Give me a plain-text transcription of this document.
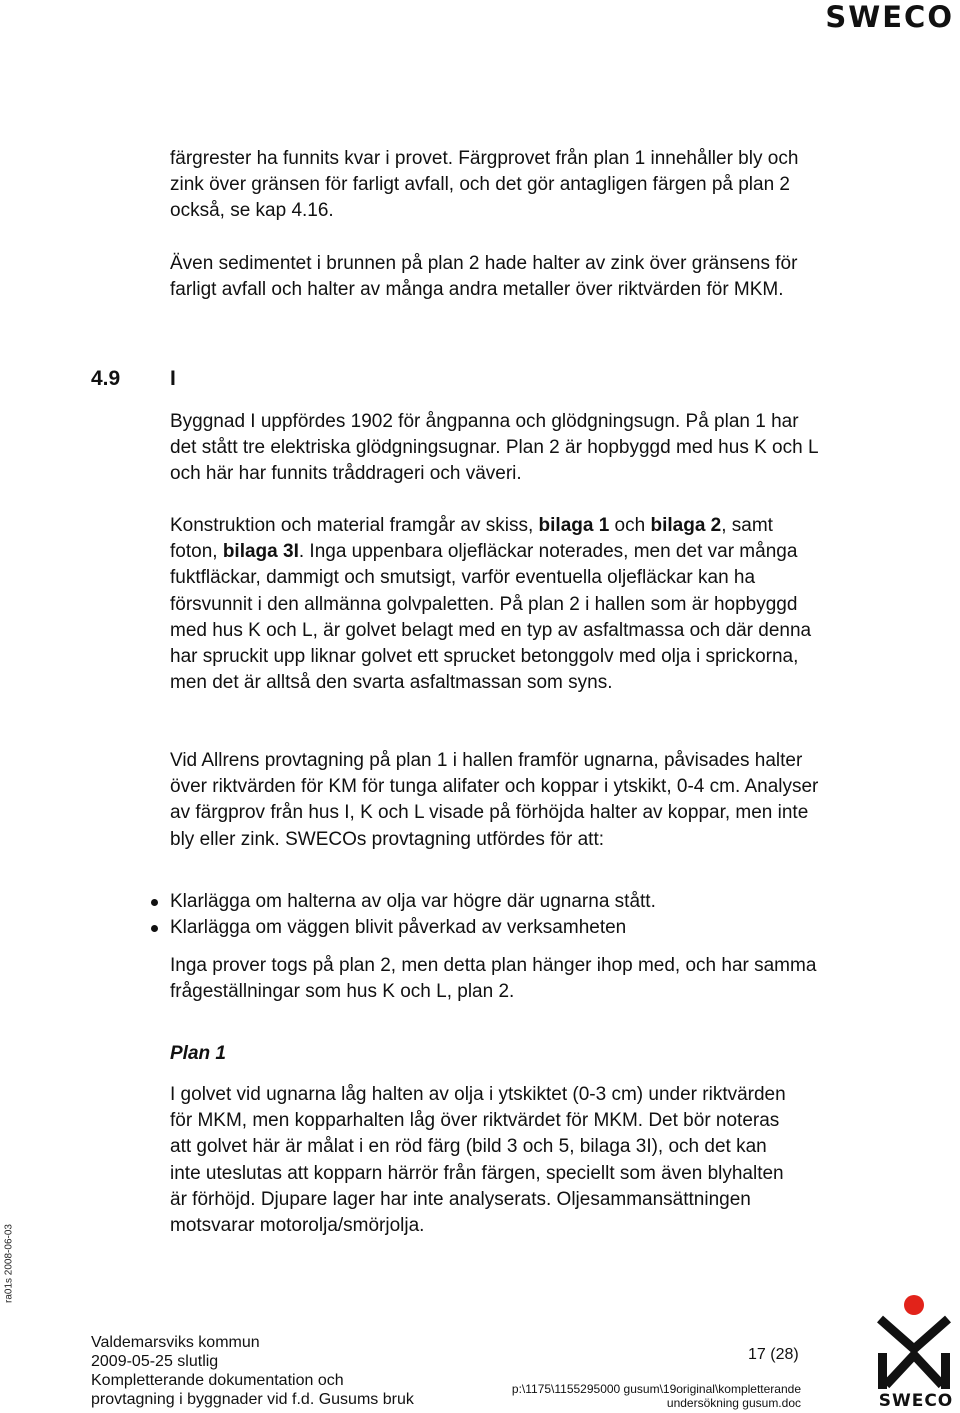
SWECO

färgrester ha funnits kvar i provet. Färgprovet från plan 1 innehåller bly och zink över gränsen för farligt avfall, och det gör antagligen färgen på plan 2 också, se kap 4.16.

Även sedimentet i brunnen på plan 2 hade halter av zink över gränsens för farligt avfall och halter av många andra metaller över riktvärden för MKM.

4.9 I

Byggnad I uppfördes 1902 för ångpanna och glödgningsugn. På plan 1 har det stått tre elektriska glödgningsugnar. Plan 2 är hopbyggd med hus K och L och här har funnits tråddrageri och väveri.

Konstruktion och material framgår av skiss, bilaga 1 och bilaga 2, samt foton, bilaga 3I. Inga uppenbara oljefläckar noterades, men det var många fuktfläckar, dammigt och smutsigt, varför eventuella oljefläckar kan ha försvunnit i den allmänna golvpaletten. På plan 2 i hallen som är hopbyggd med hus K och L, är golvet belagt med en typ av asfaltmassa och där denna har spruckit upp liknar golvet ett sprucket betonggolv med olja i sprickorna, men det är alltså den svarta asfaltmassan som syns.

Vid Allrens provtagning på plan 1 i hallen framför ugnarna, påvisades halter över riktvärden för KM för tunga alifater och koppar i ytskikt, 0-4 cm. Analyser av färgprov från hus I, K och L visade på förhöjda halter av koppar, men inte bly eller zink. SWECOs provtagning utfördes för att:

Klarlägga om halterna av olja var högre där ugnarna stått.
Klarlägga om väggen blivit påverkad av verksamheten

Inga prover togs på plan 2, men detta plan hänger ihop med, och har samma frågeställningar som hus K och L, plan 2.

Plan 1

I golvet vid ugnarna låg halten av olja i ytskiktet (0-3 cm) under riktvärden för MKM, men kopparhalten låg över riktvärdet för MKM. Det bör noteras att golvet här är målat i en röd färg (bild 3 och 5, bilaga 3I), och det kan inte uteslutas att kopparn härrör från färgen, speciellt som även blyhalten är förhöjd. Djupare lager har inte analyserats. Oljesammansättningen motsvarar motorolja/smörjolja.

ra01s 2008-06-03
Valdemarsviks kommun
2009-05-25 slutlig
Kompletterande dokumentation och
provtagning i byggnader vid f.d. Gusums bruk
17 (28)
p:\1175\1155295000 gusum\19original\kompletterande
undersökning gusum.doc	SWECO
